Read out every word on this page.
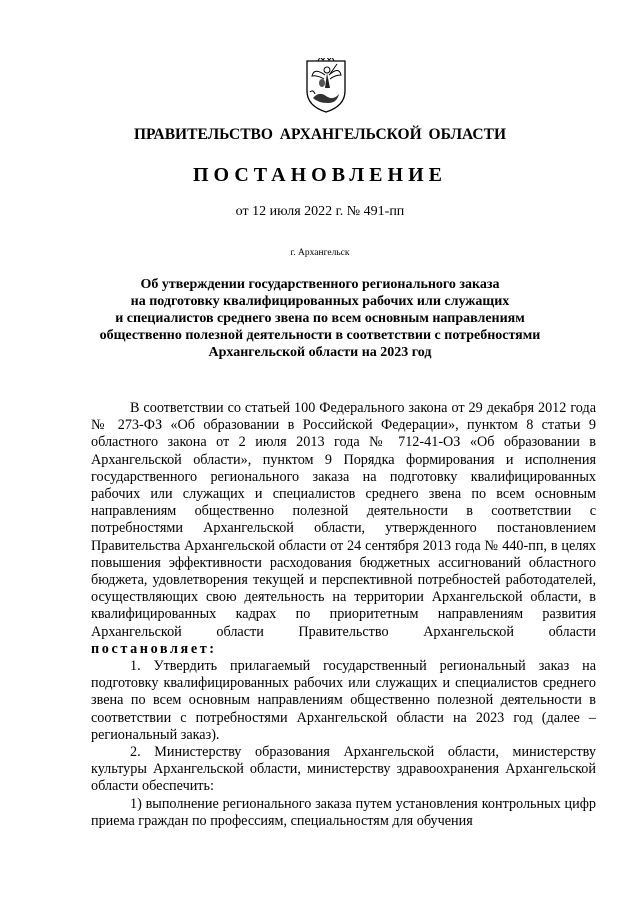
ПРАВИТЕЛЬСТВО АРХАНГЕЛЬСКОЙ ОБЛАСТИ
ПОСТАНОВЛЕНИЕ
от 12 июля 2022 г. № 491-пп
г. Архангельск
Об утверждении государственного регионального заказа
на подготовку квалифицированных рабочих или служащих
и специалистов среднего звена по всем основным направлениям
общественно полезной деятельности в соответствии с потребностями
Архангельской области на 2023 год

В соответствии со статьей 100 Федерального закона от 29 декабря 2012 года № 273-ФЗ «Об образовании в Российской Федерации», пунктом 8 статьи 9 областного закона от 2 июля 2013 года № 712-41-ОЗ «Об образовании в Архангельской области», пунктом 9 Порядка формирования и исполнения государственного регионального заказа на подготовку квалифицированных рабочих или служащих и специалистов среднего звена по всем основным направлениям общественно полезной деятельности в соответствии с потребностями Архангельской области, утвержденного постановлением Правительства Архангельской области от 24 сентября 2013 года № 440-пп, в целях повышения эффективности расходования бюджетных ассигнований областного бюджета, удовлетворения текущей и перспективной потребностей работодателей, осуществляющих свою деятельность на территории Архангельской области, в квалифицированных кадрах по приоритетным направлениям развития Архангельской области Правительство Архангельской области постановляет:

1. Утвердить прилагаемый государственный региональный заказ на подготовку квалифицированных рабочих или служащих и специалистов среднего звена по всем основным направлениям общественно полезной деятельности в соответствии с потребностями Архангельской области на 2023 год (далее – региональный заказ).

2. Министерству образования Архангельской области, министерству культуры Архангельской области, министерству здравоохранения Архангельской области обеспечить:

1) выполнение регионального заказа путем установления контрольных цифр приема граждан по профессиям, специальностям для обучения
